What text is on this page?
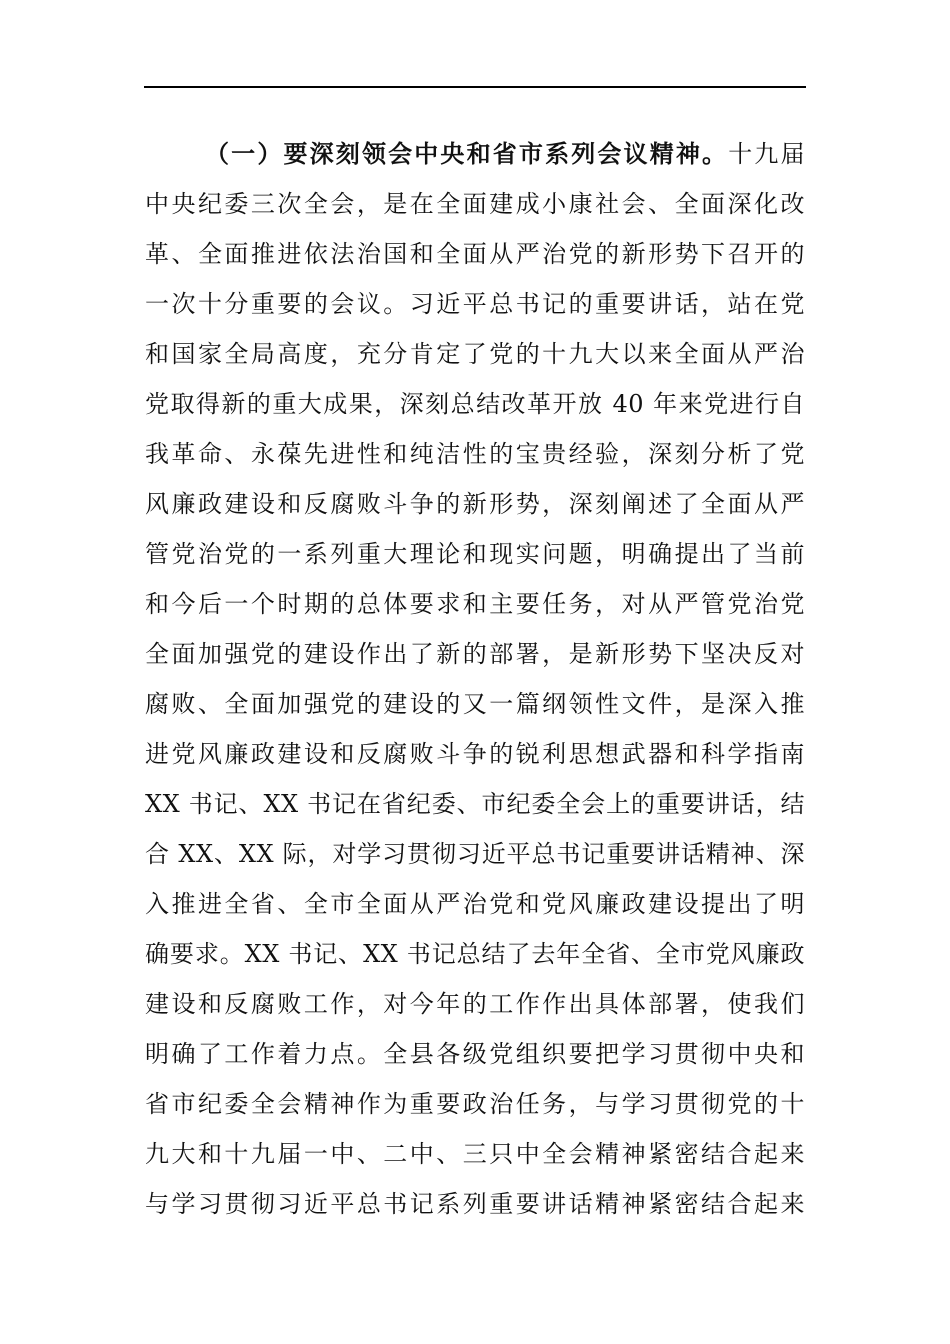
（一）要深刻领会中央和省市系列会议精神。十九届
中央纪委三次全会，是在全面建成小康社会、全面深化改
革、全面推进依法治国和全面从严治党的新形势下召开的
一次十分重要的会议。习近平总书记的重要讲话，站在党
和国家全局高度，充分肯定了党的十九大以来全面从严治
党取得新的重大成果，深刻总结改革开放 40 年来党进行自
我革命、永葆先进性和纯洁性的宝贵经验，深刻分析了党
风廉政建设和反腐败斗争的新形势，深刻阐述了全面从严
管党治党的一系列重大理论和现实问题，明确提出了当前
和今后一个时期的总体要求和主要任务，对从严管党治党
全面加强党的建设作出了新的部署，是新形势下坚决反对
腐败、全面加强党的建设的又一篇纲领性文件，是深入推
进党风廉政建设和反腐败斗争的锐利思想武器和科学指南
XX 书记、XX 书记在省纪委、市纪委全会上的重要讲话，结
合 XX、XX 际，对学习贯彻习近平总书记重要讲话精神、深
入推进全省、全市全面从严治党和党风廉政建设提出了明
确要求。XX 书记、XX 书记总结了去年全省、全市党风廉政
建设和反腐败工作，对今年的工作作出具体部署，使我们
明确了工作着力点。全县各级党组织要把学习贯彻中央和
省市纪委全会精神作为重要政治任务，与学习贯彻党的十
九大和十九届一中、二中、三只中全会精神紧密结合起来
与学习贯彻习近平总书记系列重要讲话精神紧密结合起来
